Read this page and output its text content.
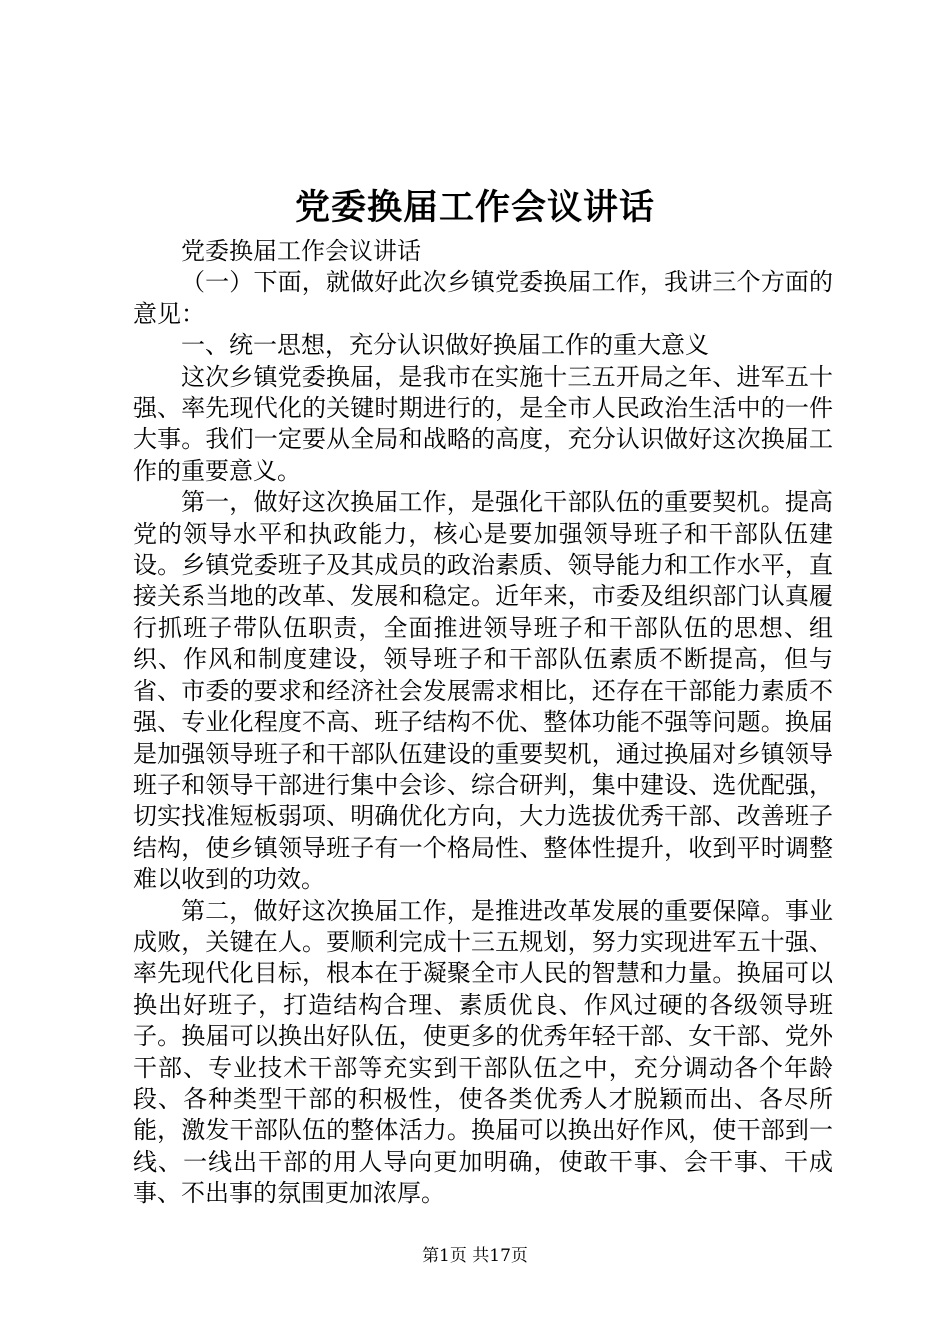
党委换届工作会议讲话

党委换届工作会议讲话

（一）下面，就做好此次乡镇党委换届工作，我讲三个方面的意见：

一、统一思想，充分认识做好换届工作的重大意义

这次乡镇党委换届，是我市在实施十三五开局之年、进军五十强、率先现代化的关键时期进行的，是全市人民政治生活中的一件大事。我们一定要从全局和战略的高度，充分认识做好这次换届工作的重要意义。

第一，做好这次换届工作，是强化干部队伍的重要契机。提高党的领导水平和执政能力，核心是要加强领导班子和干部队伍建设。乡镇党委班子及其成员的政治素质、领导能力和工作水平，直接关系当地的改革、发展和稳定。近年来，市委及组织部门认真履行抓班子带队伍职责，全面推进领导班子和干部队伍的思想、组织、作风和制度建设，领导班子和干部队伍素质不断提高，但与省、市委的要求和经济社会发展需求相比，还存在干部能力素质不强、专业化程度不高、班子结构不优、整体功能不强等问题。换届是加强领导班子和干部队伍建设的重要契机，通过换届对乡镇领导班子和领导干部进行集中会诊、综合研判，集中建设、选优配强，切实找准短板弱项、明确优化方向，大力选拔优秀干部、改善班子结构，使乡镇领导班子有一个格局性、整体性提升，收到平时调整难以收到的功效。

第二，做好这次换届工作，是推进改革发展的重要保障。事业成败，关键在人。要顺利完成十三五规划，努力实现进军五十强、率先现代化目标，根本在于凝聚全市人民的智慧和力量。换届可以换出好班子，打造结构合理、素质优良、作风过硬的各级领导班子。换届可以换出好队伍，使更多的优秀年轻干部、女干部、党外干部、专业技术干部等充实到干部队伍之中，充分调动各个年龄段、各种类型干部的积极性，使各类优秀人才脱颖而出、各尽所能，激发干部队伍的整体活力。换届可以换出好作风，使干部到一线、一线出干部的用人导向更加明确，使敢干事、会干事、干成事、不出事的氛围更加浓厚。

第1页 共17页
